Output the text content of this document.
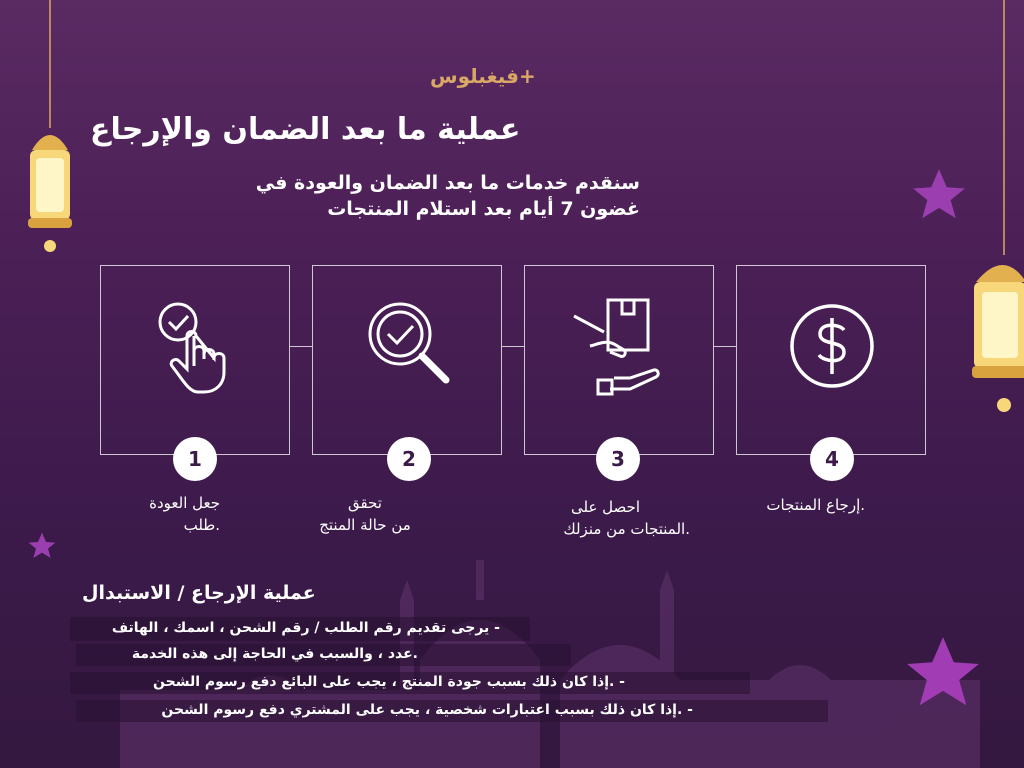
فيغبلوس+
عملية ما بعد الضمان والإرجاع
سنقدم خدمات ما بعد الضمان والعودة في
غضون 7 أيام بعد استلام المنتجات
1	2	3	4
جعل العودة
.طلب
تحقق
من حالة المنتج
احصل على
.المنتجات من منزلك
.إرجاع المنتجات
عملية الإرجاع / الاستبدال
- يرجى تقديم رقم الطلب / رقم الشحن ، اسمك ، الهاتف
.عدد ، والسبب في الحاجة إلى هذه الخدمة
- .إذا كان ذلك بسبب جودة المنتج ، يجب على البائع دفع رسوم الشحن
- .إذا كان ذلك بسبب اعتبارات شخصية ، يجب على المشتري دفع رسوم الشحن
